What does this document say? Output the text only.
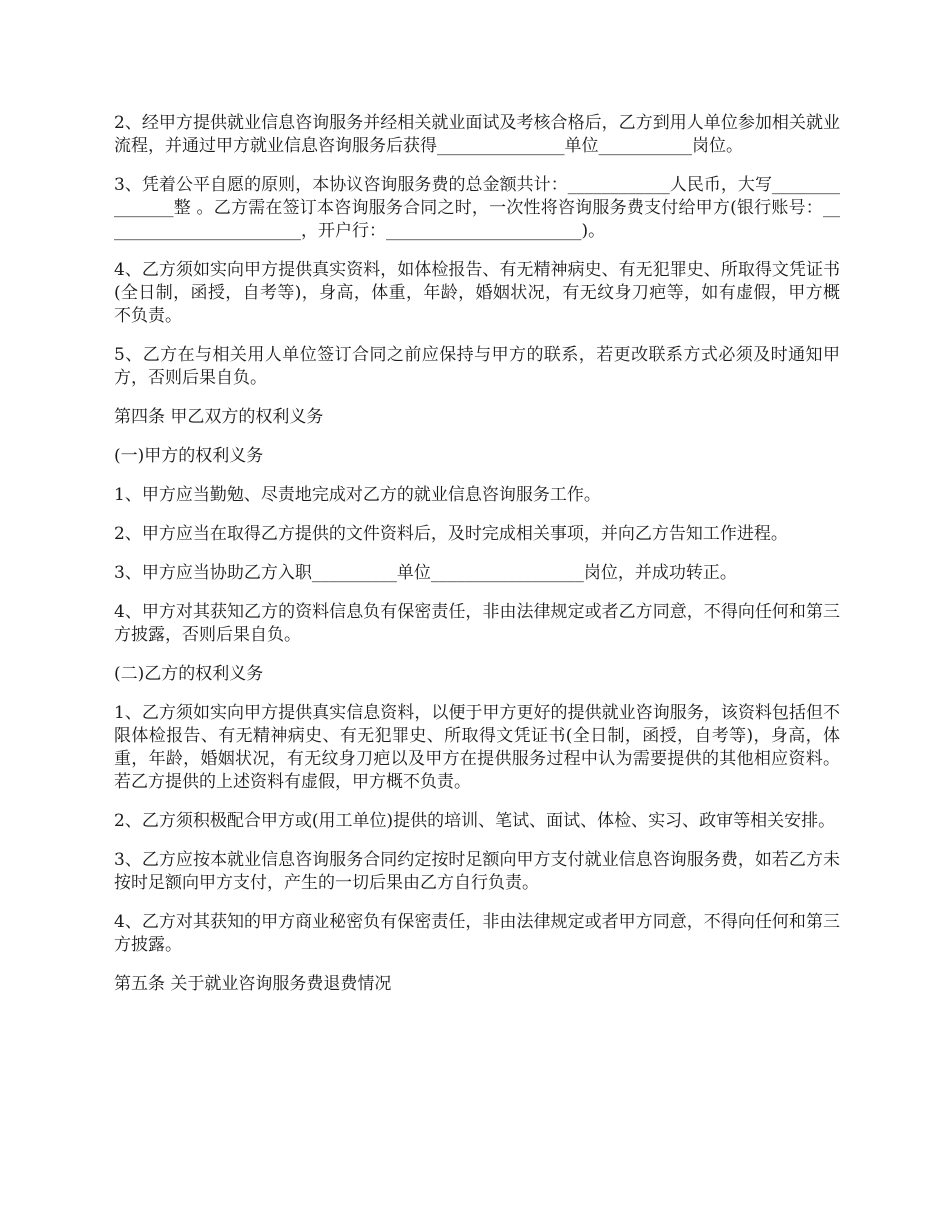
2、经甲方提供就业信息咨询服务并经相关就业面试及考核合格后，乙方到用人单位参加相关就业流程，并通过甲方就业信息咨询服务后获得_______________单位___________岗位。

3、凭着公平自愿的原则，本协议咨询服务费的总金额共计：____________人民币，大写_______________整 。乙方需在签订本咨询服务合同之时，一次性将咨询服务费支付给甲方(银行账号：________________________，开户行：_______________________)。

4、乙方须如实向甲方提供真实资料，如体检报告、有无精神病史、有无犯罪史、所取得文凭证书(全日制，函授，自考等)，身高，体重，年龄，婚姻状况，有无纹身刀疤等，如有虚假，甲方概不负责。

5、乙方在与相关用人单位签订合同之前应保持与甲方的联系，若更改联系方式必须及时通知甲方，否则后果自负。

第四条 甲乙双方的权利义务

(一)甲方的权利义务

1、甲方应当勤勉、尽责地完成对乙方的就业信息咨询服务工作。

2、甲方应当在取得乙方提供的文件资料后，及时完成相关事项，并向乙方告知工作进程。

3、甲方应当协助乙方入职__________单位__________________岗位，并成功转正。

4、甲方对其获知乙方的资料信息负有保密责任，非由法律规定或者乙方同意，不得向任何和第三方披露，否则后果自负。

(二)乙方的权利义务

1、乙方须如实向甲方提供真实信息资料，以便于甲方更好的提供就业咨询服务，该资料包括但不限体检报告、有无精神病史、有无犯罪史、所取得文凭证书(全日制，函授，自考等)，身高，体重，年龄，婚姻状况，有无纹身刀疤以及甲方在提供服务过程中认为需要提供的其他相应资料。若乙方提供的上述资料有虚假，甲方概不负责。

2、乙方须积极配合甲方或(用工单位)提供的培训、笔试、面试、体检、实习、政审等相关安排。

3、乙方应按本就业信息咨询服务合同约定按时足额向甲方支付就业信息咨询服务费，如若乙方未按时足额向甲方支付，产生的一切后果由乙方自行负责。

4、乙方对其获知的甲方商业秘密负有保密责任，非由法律规定或者甲方同意，不得向任何和第三方披露。

第五条 关于就业咨询服务费退费情况
